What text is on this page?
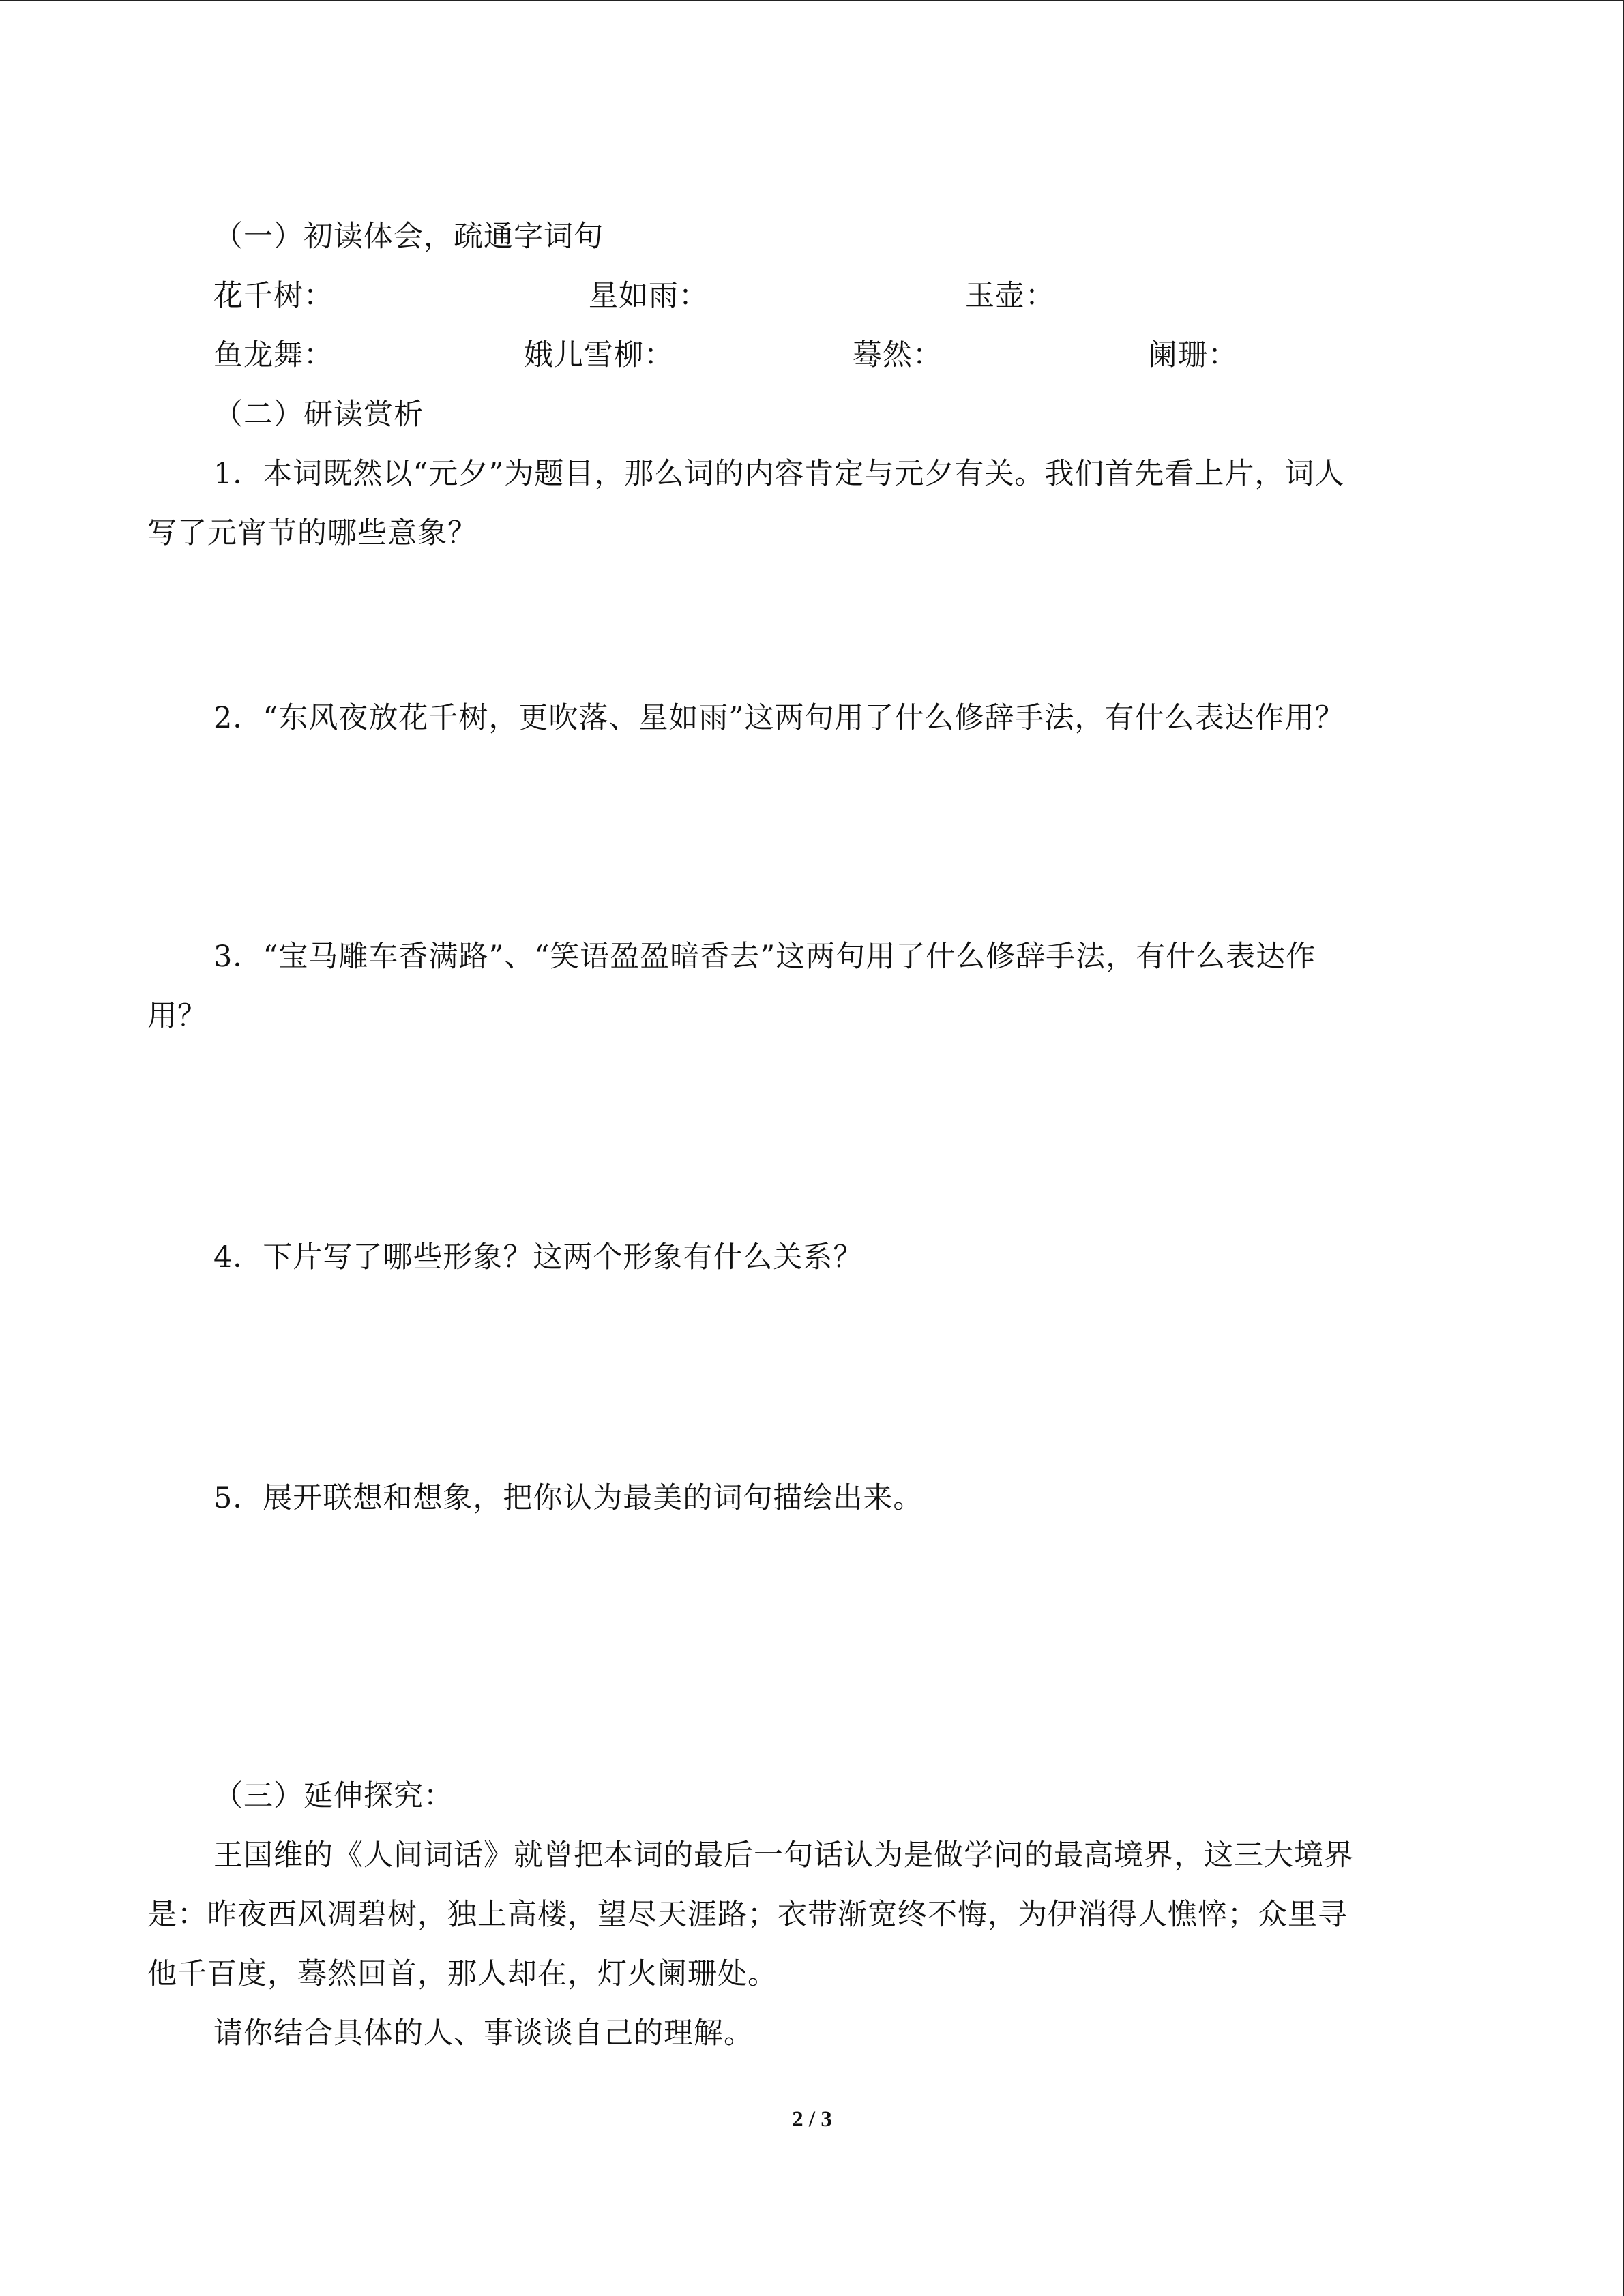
（一）初读体会，疏通字词句

花千树：	星如雨：	玉壶：

鱼龙舞：	娥儿雪柳：	蓦然：	阑珊：

（二）研读赏析

1．本词既然以“元夕”为题目，那么词的内容肯定与元夕有关。我们首先看上片，词人

写了元宵节的哪些意象？

2．“东风夜放花千树，更吹落、星如雨”这两句用了什么修辞手法，有什么表达作用？

3．“宝马雕车香满路”、“笑语盈盈暗香去”这两句用了什么修辞手法，有什么表达作

用？

4．下片写了哪些形象？这两个形象有什么关系？

5．展开联想和想象，把你认为最美的词句描绘出来。

（三）延伸探究：

王国维的《人间词话》就曾把本词的最后一句话认为是做学问的最高境界，这三大境界

是：昨夜西风凋碧树，独上高楼，望尽天涯路；衣带渐宽终不悔，为伊消得人憔悴；众里寻

他千百度，蓦然回首，那人却在，灯火阑珊处。

请你结合具体的人、事谈谈自己的理解。

2 / 3
